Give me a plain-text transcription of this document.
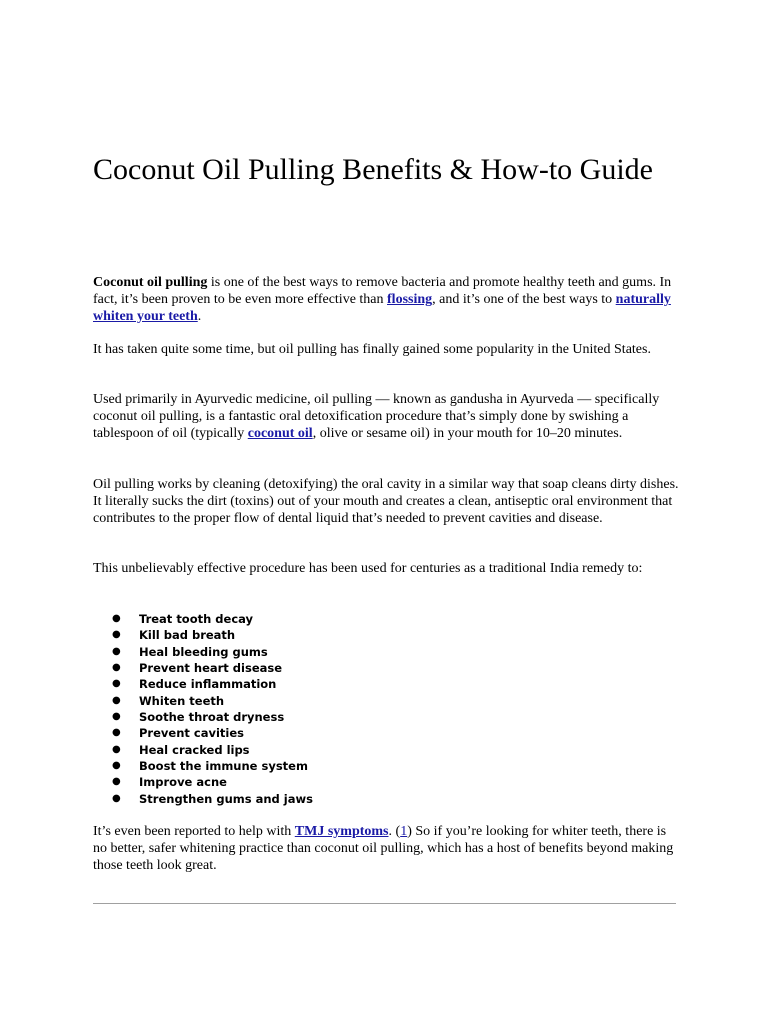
Coconut Oil Pulling Benefits & How-to Guide

Coconut oil pulling is one of the best ways to remove bacteria and promote healthy teeth and gums. In fact, it’s been proven to be even more effective than flossing, and it’s one of the best ways to naturally whiten your teeth.

It has taken quite some time, but oil pulling has finally gained some popularity in the United States.

Used primarily in Ayurvedic medicine, oil pulling — known as gandusha in Ayurveda — specifically coconut oil pulling, is a fantastic oral detoxification procedure that’s simply done by swishing a tablespoon of oil (typically coconut oil, olive or sesame oil) in your mouth for 10–20 minutes.

Oil pulling works by cleaning (detoxifying) the oral cavity in a similar way that soap cleans dirty dishes. It literally sucks the dirt (toxins) out of your mouth and creates a clean, antiseptic oral environment that contributes to the proper flow of dental liquid that’s needed to prevent cavities and disease.

This unbelievably effective procedure has been used for centuries as a traditional India remedy to:

● Treat tooth decay
● Kill bad breath
● Heal bleeding gums
● Prevent heart disease
● Reduce inflammation
● Whiten teeth
● Soothe throat dryness
● Prevent cavities
● Heal cracked lips
● Boost the immune system
● Improve acne
● Strengthen gums and jaws

It’s even been reported to help with TMJ symptoms. (1) So if you’re looking for whiter teeth, there is no better, safer whitening practice than coconut oil pulling, which has a host of benefits beyond making those teeth look great.
